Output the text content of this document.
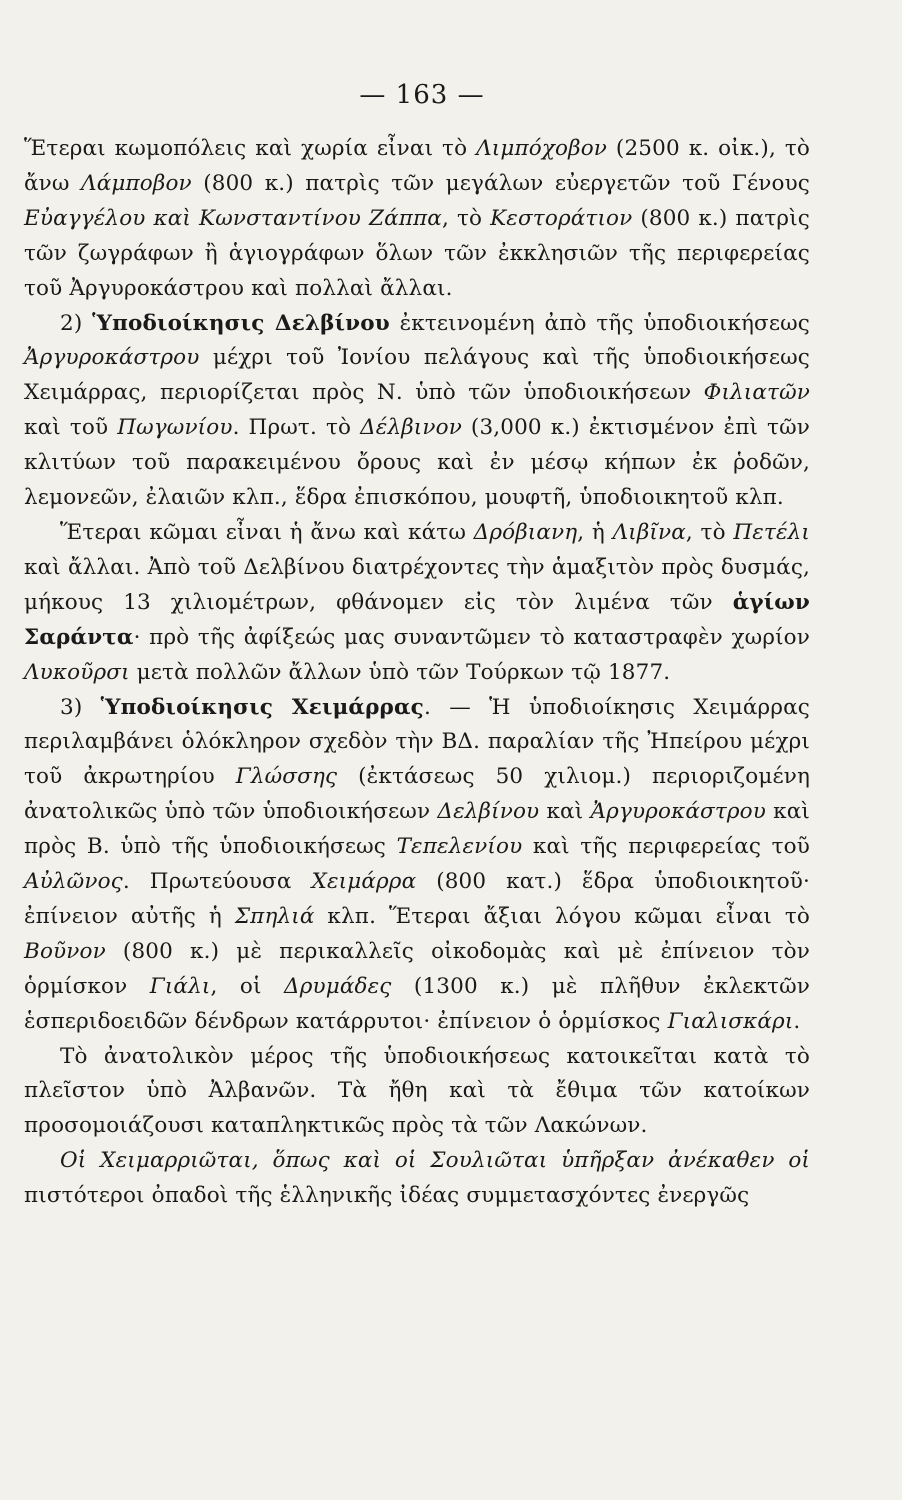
— 163 —

Ἕτεραι κωμοπόλεις καὶ χωρία εἶναι τὸ Λιμπόχοβον (2500 κ. οἰκ.), τὸ ἄνω Λάμποβον (800 κ.) πατρὶς τῶν μεγάλων εὐεργετῶν τοῦ Γένους Εὐαγγέλου καὶ Κωνσταντίνου Ζάππα, τὸ Κεστοράτιον (800 κ.) πατρὶς τῶν ζωγράφων ἢ ἁγιογράφων ὅλων τῶν ἐκκλησιῶν τῆς περιφερείας τοῦ Ἀργυροκάστρου καὶ πολλαὶ ἄλλαι.

2) Ὑποδιοίκησις Δελβίνου ἐκτεινομένη ἀπὸ τῆς ὑποδιοικήσεως Ἀργυροκάστρου μέχρι τοῦ Ἰονίου πελάγους καὶ τῆς ὑποδιοικήσεως Χειμάρρας, περιορίζεται πρὸς Ν. ὑπὸ τῶν ὑποδιοικήσεων Φιλιατῶν καὶ τοῦ Πωγωνίου. Πρωτ. τὸ Δέλβινον (3,000 κ.) ἐκτισμένον ἐπὶ τῶν κλιτύων τοῦ παρακειμένου ὄρους καὶ ἐν μέσῳ κήπων ἐκ ῥοδῶν, λεμονεῶν, ἐλαιῶν κλπ., ἕδρα ἐπισκόπου, μουφτῆ, ὑποδιοικητοῦ κλπ.

Ἕτεραι κῶμαι εἶναι ἡ ἄνω καὶ κάτω Δρόβιανη, ἡ Λιβῖνα, τὸ Πετέλι καὶ ἄλλαι. Ἀπὸ τοῦ Δελβίνου διατρέχοντες τὴν ἁμαξιτὸν πρὸς δυσμάς, μήκους 13 χιλιομέτρων, φθάνομεν εἰς τὸν λιμένα τῶν ἁγίων Σαράντα· πρὸ τῆς ἀφίξεώς μας συναντῶμεν τὸ καταστραφὲν χωρίον Λυκοῦρσι μετὰ πολλῶν ἄλλων ὑπὸ τῶν Τούρκων τῷ 1877.

3) Ὑποδιοίκησις Χειμάρρας. — Ἡ ὑποδιοίκησις Χειμάρρας περιλαμβάνει ὁλόκληρον σχεδὸν τὴν ΒΔ. παραλίαν τῆς Ἠπείρου μέχρι τοῦ ἀκρωτηρίου Γλώσσης (ἐκτάσεως 50 χιλιομ.) περιοριζομένη ἀνατολικῶς ὑπὸ τῶν ὑποδιοικήσεων Δελβίνου καὶ Ἀργυροκάστρου καὶ πρὸς Β. ὑπὸ τῆς ὑποδιοικήσεως Τεπελενίου καὶ τῆς περιφερείας τοῦ Αὐλῶνος. Πρωτεύουσα Χειμάρρα (800 κατ.) ἕδρα ὑποδιοικητοῦ· ἐπίνειον αὐτῆς ἡ Σπηλιά κλπ. Ἕτεραι ἄξιαι λόγου κῶμαι εἶναι τὸ Βοῦνον (800 κ.) μὲ περικαλλεῖς οἰκοδομὰς καὶ μὲ ἐπίνειον τὸν ὁρμίσκον Γιάλι, οἱ Δρυμάδες (1300 κ.) μὲ πλῆθυν ἐκλεκτῶν ἑσπεριδοειδῶν δένδρων κατάρρυτοι· ἐπίνειον ὁ ὁρμίσκος Γιαλισκάρι.

Τὸ ἀνατολικὸν μέρος τῆς ὑποδιοικήσεως κατοικεῖται κατὰ τὸ πλεῖστον ὑπὸ Ἀλβανῶν. Τὰ ἤθη καὶ τὰ ἔθιμα τῶν κατοίκων προσομοιάζουσι καταπληκτικῶς πρὸς τὰ τῶν Λακώνων.

Οἱ Χειμαρριῶται, ὅπως καὶ οἱ Σουλιῶται ὑπῆρξαν ἀνέκαθεν οἱ πιστότεροι ὀπαδοὶ τῆς ἑλληνικῆς ἰδέας συμμετασχόντες ἐνεργῶς
